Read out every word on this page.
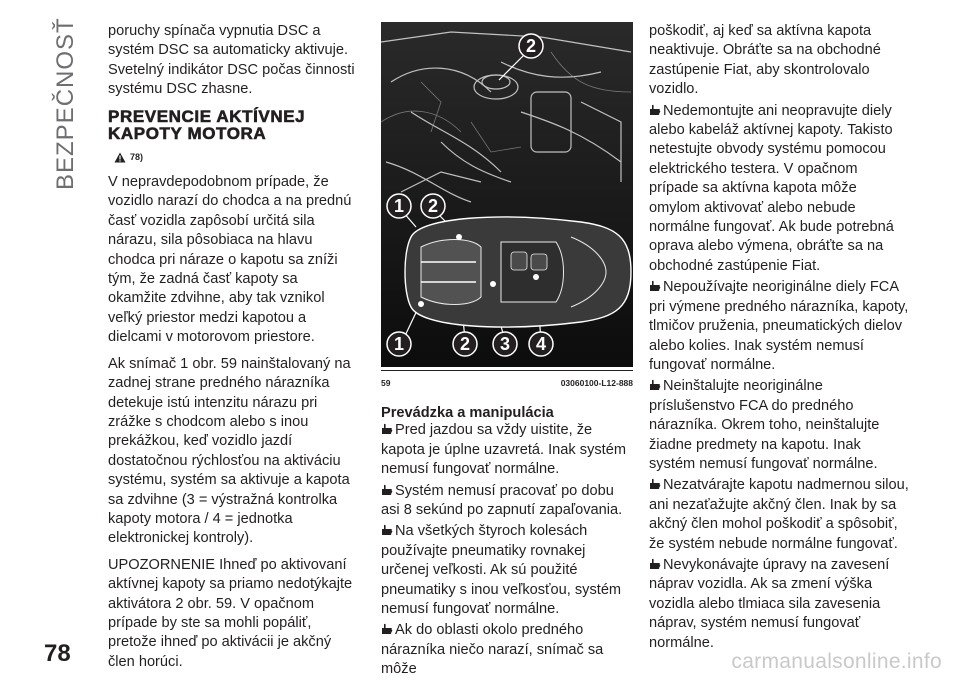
BEZPEČNOSŤ poruchy spínača vypnutia DSC a systém DSC sa automaticky aktivuje. Svetelný indikátor DSC počas činnosti systému DSC zhasne.

PREVENCIE AKTÍVNEJ KAPOTY MOTORA
78)

V nepravdepodobnom prípade, že vozidlo narazí do chodca a na prednú časť vozidla zapôsobí určitá sila nárazu, sila pôsobiaca na hlavu chodca pri náraze o kapotu sa zníži tým, že zadná časť kapoty sa okamžite zdvihne, aby tak vznikol veľký priestor medzi kapotou a dielcami v motorovom priestore.

Ak snímač 1 obr. 59 nainštalovaný na zadnej strane predného nárazníka detekuje istú intenzitu nárazu pri zrážke s chodcom alebo s inou prekážkou, keď vozidlo jazdí dostatočnou rýchlosťou na aktiváciu systému, systém sa aktivuje a kapota sa zdvihne (3 = výstražná kontrolka kapoty motora / 4 = jednotka elektronickej kontroly).

UPOZORNENIE Ihneď po aktivovaní aktívnej kapoty sa priamo nedotýkajte aktivátora 2 obr. 59. V opačnom prípade by ste sa mohli popáliť, pretože ihneď po aktivácii je akčný člen horúci.

2
1 2
1	2 3 4
59	03060100-L12-888
Prevádzka a manipulácia

Pred jazdou sa vždy uistite, že kapota je úplne uzavretá. Inak systém nemusí fungovať normálne.

Systém nemusí pracovať po dobu asi 8 sekúnd po zapnutí zapaľovania.

Na všetkých štyroch kolesách používajte pneumatiky rovnakej určenej veľkosti. Ak sú použité pneumatiky s inou veľkosťou, systém nemusí fungovať normálne.

Ak do oblasti okolo predného nárazníka niečo narazí, snímač sa môže

poškodiť, aj keď sa aktívna kapota neaktivuje. Obráťte sa na obchodné zastúpenie Fiat, aby skontrolovalo vozidlo.

Nedemontujte ani neopravujte diely alebo kabeláž aktívnej kapoty. Takisto netestujte obvody systému pomocou elektrického testera. V opačnom prípade sa aktívna kapota môže omylom aktivovať alebo nebude normálne fungovať. Ak bude potrebná oprava alebo výmena, obráťte sa na obchodné zastúpenie Fiat.

Nepoužívajte neoriginálne diely FCA pri výmene predného nárazníka, kapoty, tlmičov pruženia, pneumatických dielov alebo kolies. Inak systém nemusí fungovať normálne.

Neinštalujte neoriginálne príslušenstvo FCA do predného nárazníka. Okrem toho, neinštalujte žiadne predmety na kapotu. Inak systém nemusí fungovať normálne.

Nezatvárajte kapotu nadmernou silou, ani nezaťažujte akčný člen. Inak by sa akčný člen mohol poškodiť a spôsobiť, že systém nebude normálne fungovať.

Nevykonávajte úpravy na zavesení náprav vozidla. Ak sa zmení výška vozidla alebo tlmiaca sila zavesenia náprav, systém nemusí fungovať normálne.

78	carmanualsonline.info
